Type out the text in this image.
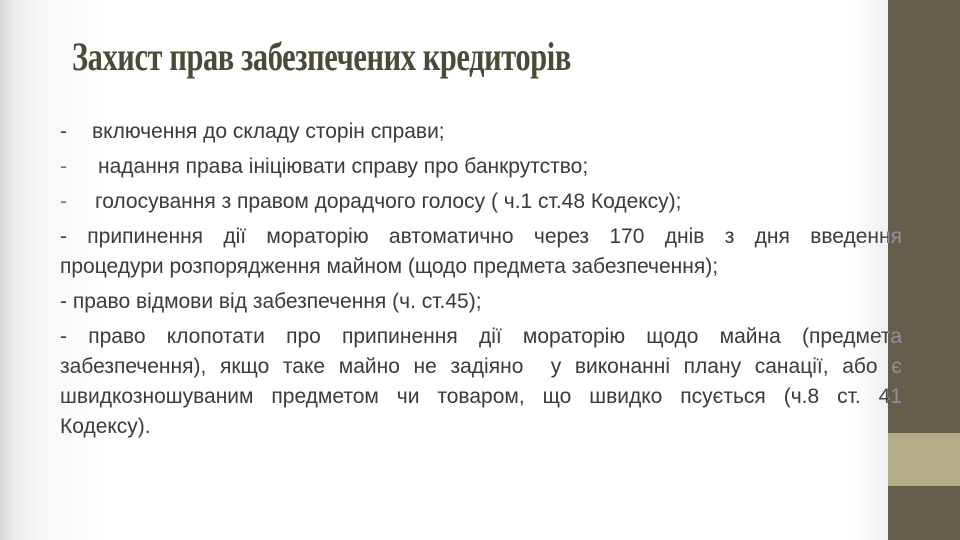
Захист прав забезпечених кредиторів
- включення до складу сторін справи;
- надання права ініціювати справу про банкрутство;
- голосування з правом дорадчого голосу ( ч.1 ст.48 Кодексу);
- припинення дії мораторію автоматично через 170 днів з дня введення
процедури розпорядження майном (щодо предмета забезпечення);
- право відмови від забезпечення (ч. ст.45);
- право клопотати про припинення дії мораторію щодо майна (предмета
забезпечення), якщо таке майно не задіяно  у виконанні плану санації, або є
швидкозношуваним предметом чи товаром, що швидко псується (ч.8 ст. 41
Кодексу).
